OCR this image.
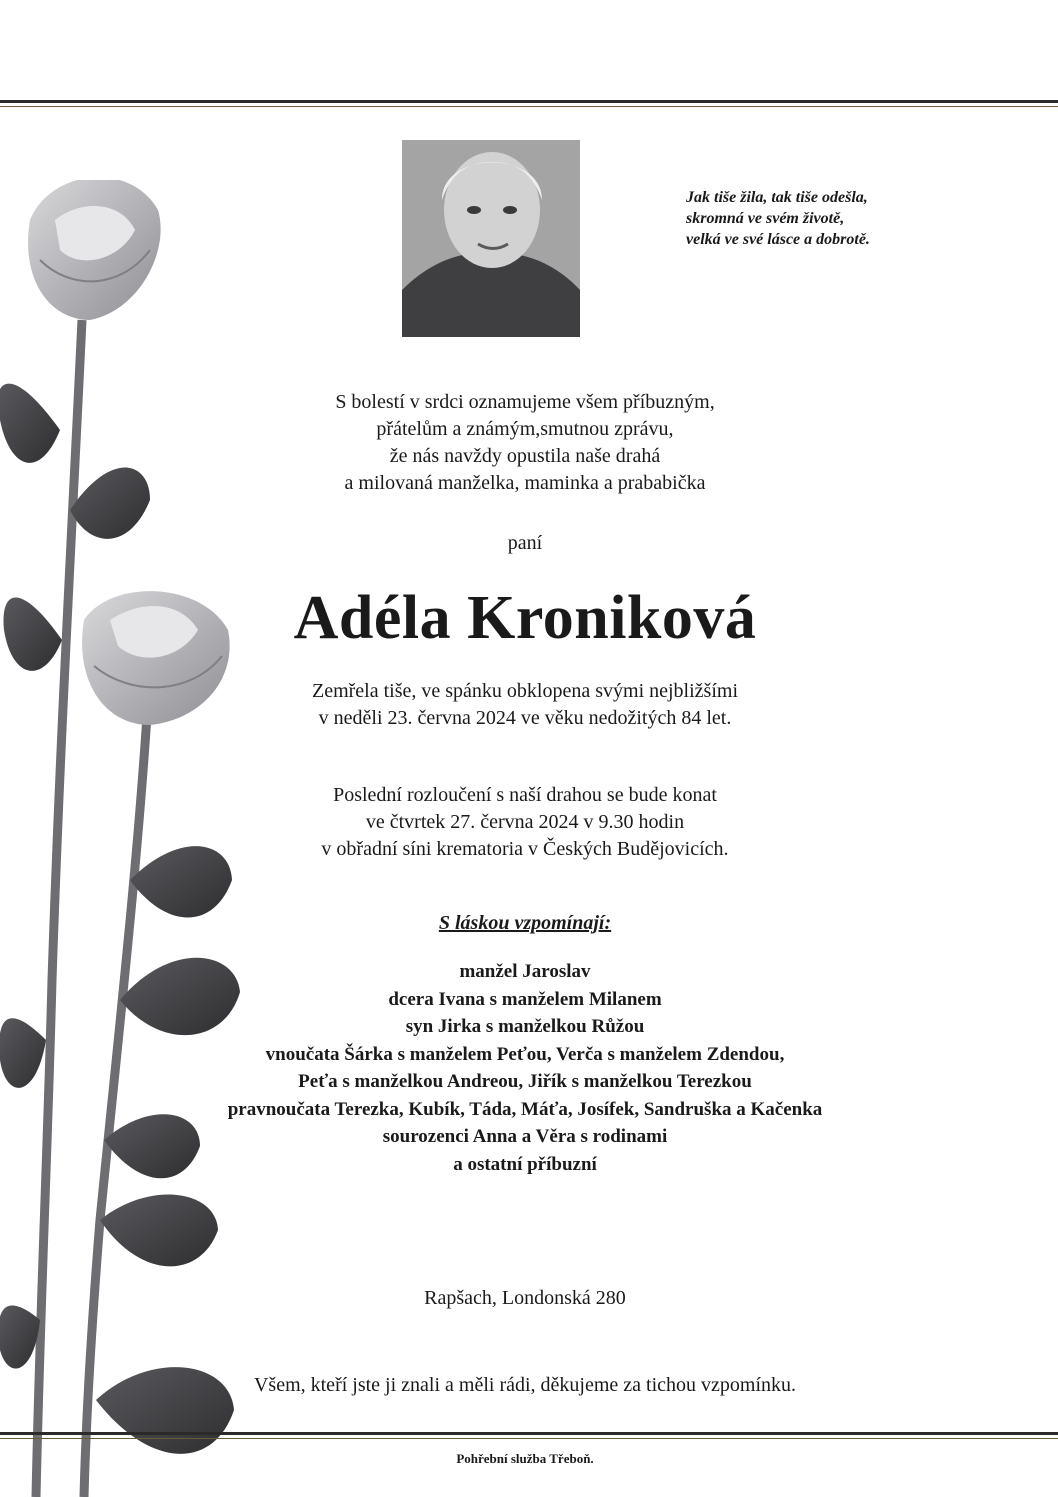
Jak tiše žila, tak tiše odešla,
skromná ve svém životě,
velká ve své lásce a dobrotě.
S bolestí v srdci oznamujeme všem příbuzným,
přátelům a známým,smutnou zprávu,
že nás navždy opustila naše drahá
a milovaná manželka, maminka a prababička
paní
Adéla Kroniková
Zemřela tiše, ve spánku obklopena svými nejbližšími
v neděli 23. června 2024 ve věku nedožitých 84 let.
Poslední rozloučení s naší drahou se bude konat
ve čtvrtek 27. června 2024 v 9.30 hodin
v obřadní síni krematoria v Českých Budějovicích.
S láskou vzpomínají:
manžel Jaroslav
dcera Ivana s manželem Milanem
syn Jirka s manželkou Růžou
vnoučata Šárka s manželem Peťou, Verča s manželem Zdendou,
Peťa s manželkou Andreou, Jiřík s manželkou Terezkou
pravnoučata Terezka, Kubík, Táda, Máťa, Josífek, Sandruška a Kačenka
sourozenci Anna a Věra s rodinami
a ostatní příbuzní
Rapšach, Londonská 280
Všem, kteří jste ji znali a měli rádi, děkujeme za tichou vzpomínku.
Pohřební služba Třeboň.
